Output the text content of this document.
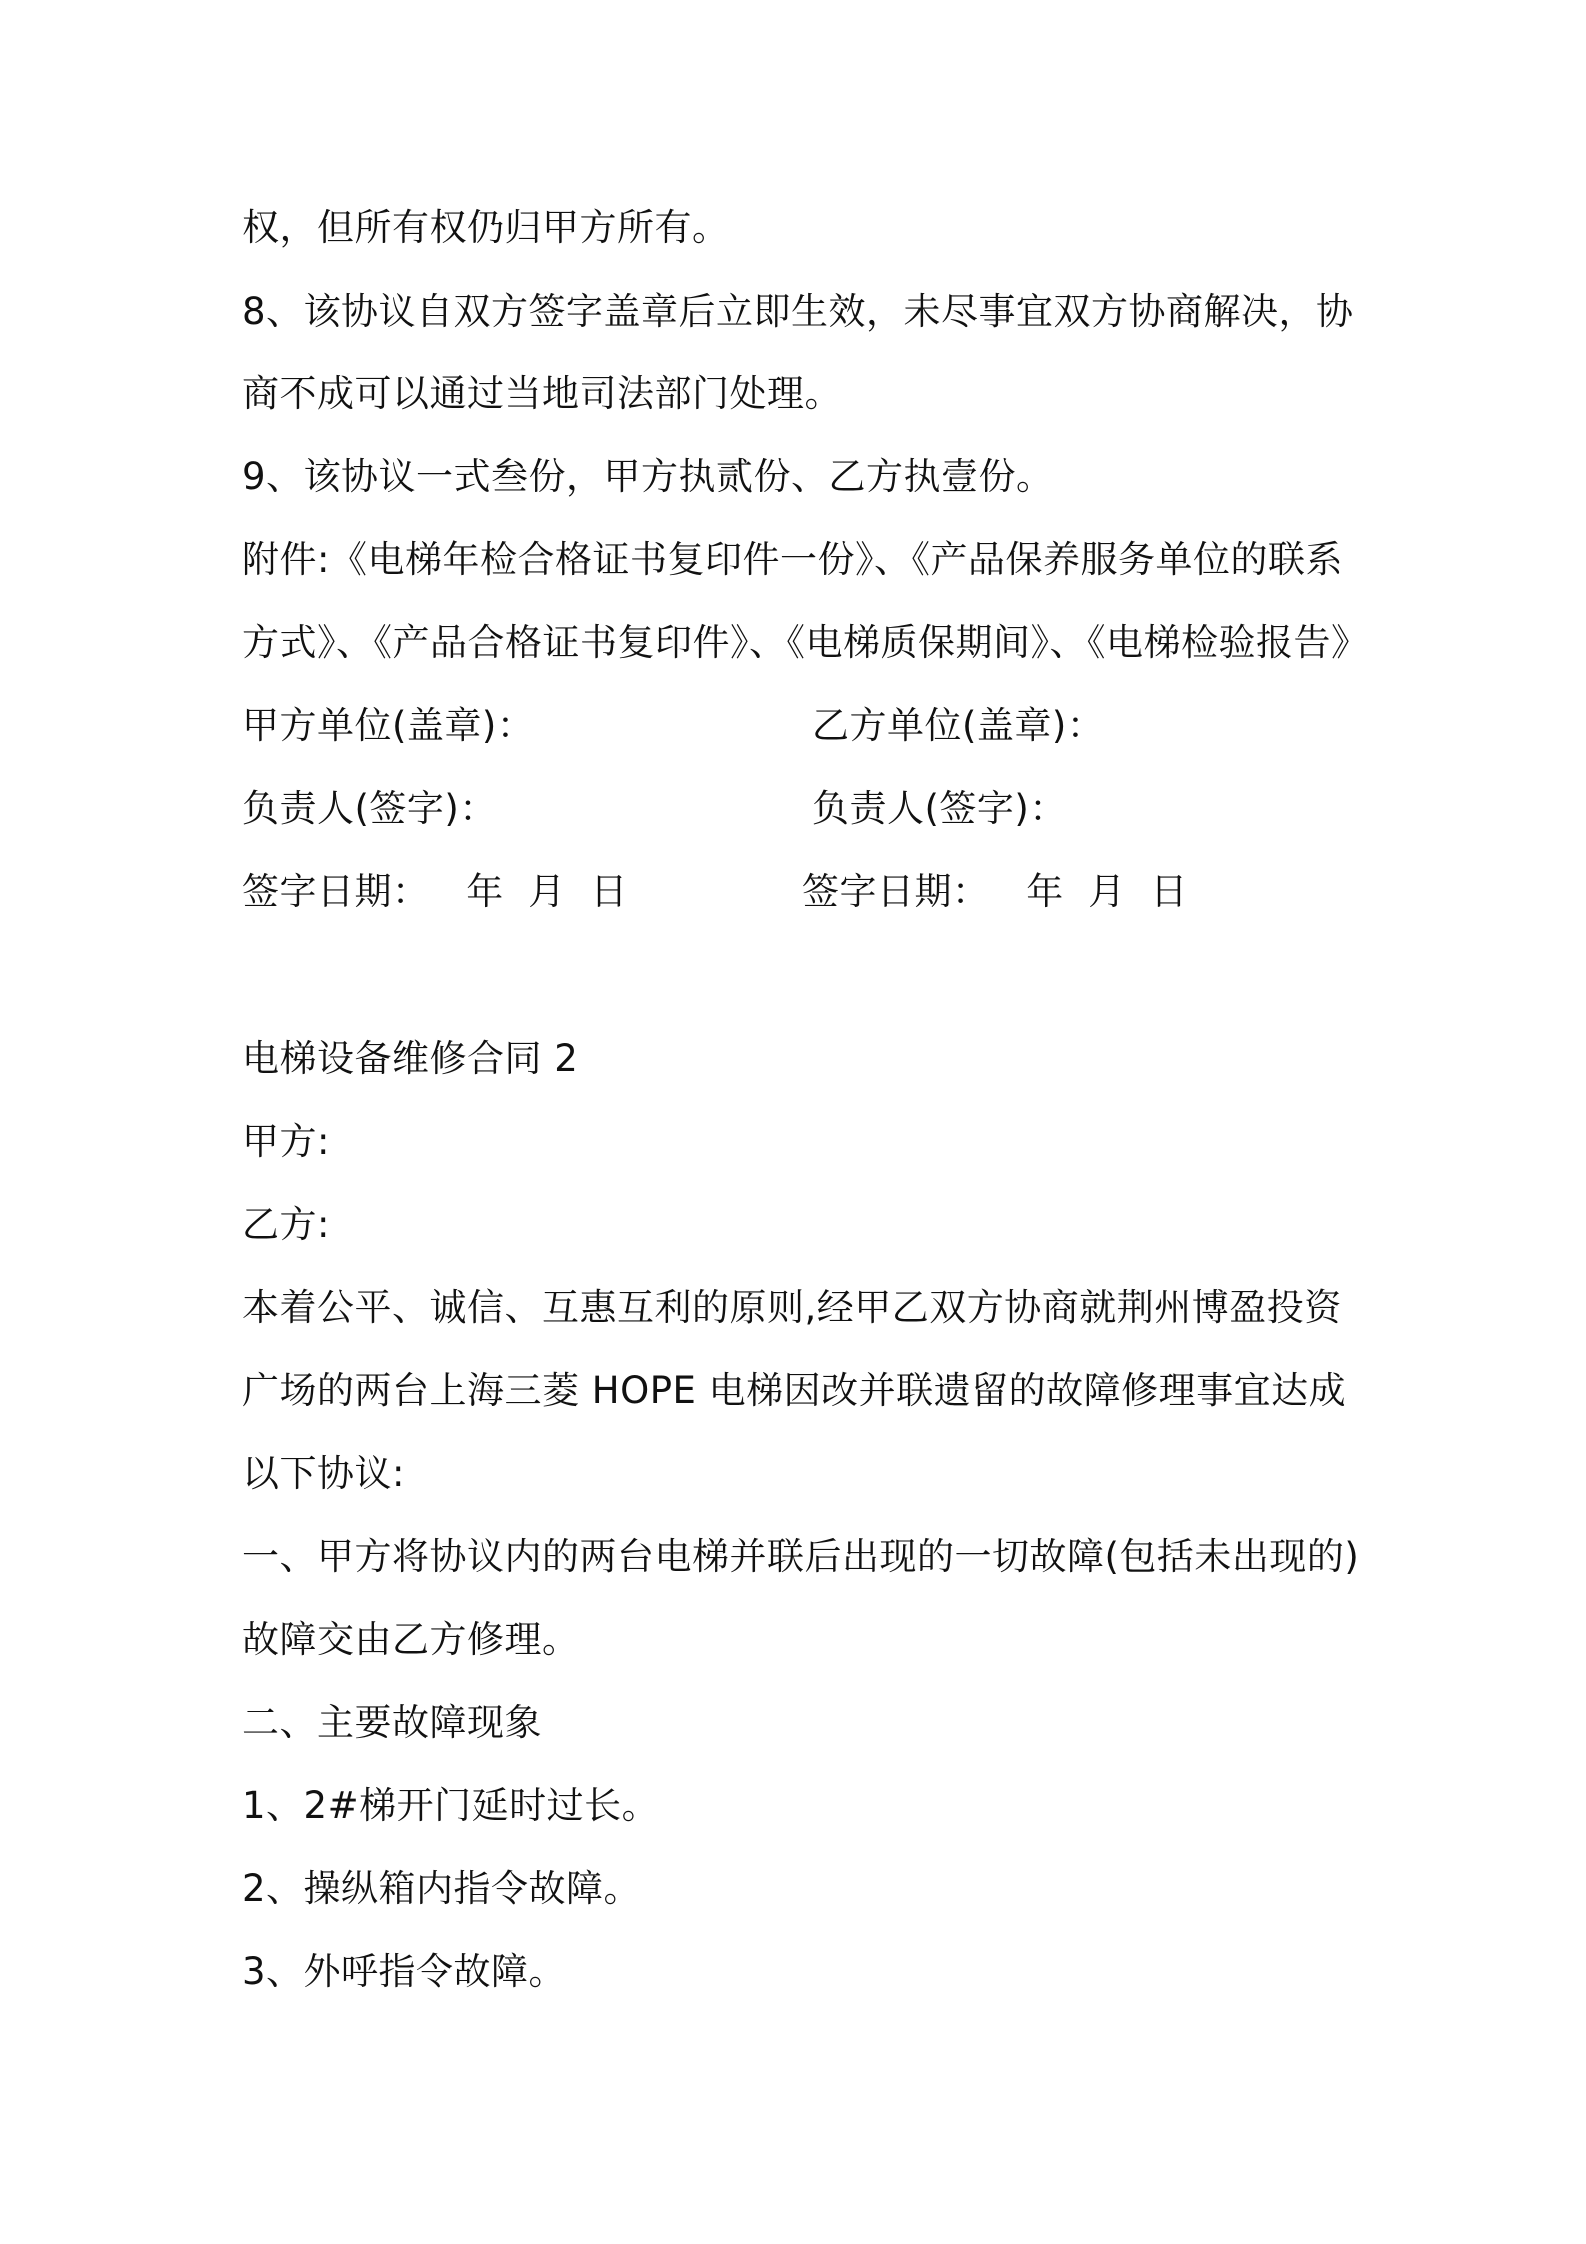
权，但所有权仍归甲方所有。
8、该协议自双方签字盖章后立即生效，未尽事宜双方协商解决，协
商不成可以通过当地司法部门处理。
9、该协议一式叁份，甲方执贰份、乙方执壹份。
附件:《电梯年检合格证书复印件一份》、《产品保养服务单位的联系
方式》、《产品合格证书复印件》、《电梯质保期间》、《电梯检验报告》
甲方单位(盖章)：	乙方单位(盖章)：
负责人(签字)：	负责人(签字)：
签字日期：   年  月  日	签字日期：   年  月  日
电梯设备维修合同 2
甲方:
乙方:
本着公平、诚信、互惠互利的原则,经甲乙双方协商就荆州博盈投资
广场的两台上海三菱 HOPE 电梯因改并联遗留的故障修理事宜达成
以下协议:
一、甲方将协议内的两台电梯并联后出现的一切故障(包括未出现的)
故障交由乙方修理。
二、主要故障现象
1、2#梯开门延时过长。
2、操纵箱内指令故障。
3、外呼指令故障。
